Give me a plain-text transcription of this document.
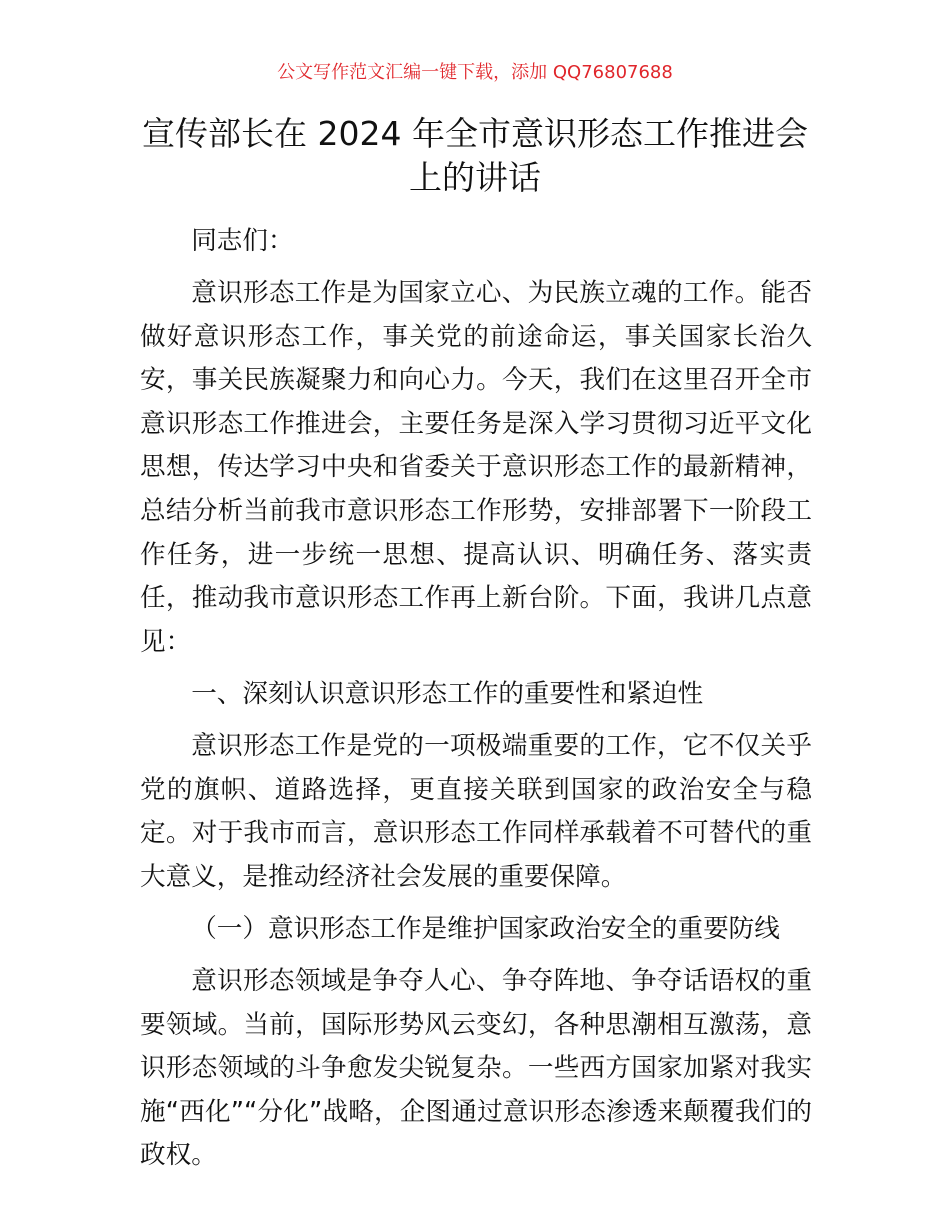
公文写作范文汇编一键下载，添加 QQ76807688
宣传部长在 2024 年全市意识形态工作推进会上的讲话

同志们：

意识形态工作是为国家立心、为民族立魂的工作。能否做好意识形态工作，事关党的前途命运，事关国家长治久安，事关民族凝聚力和向心力。今天，我们在这里召开全市意识形态工作推进会，主要任务是深入学习贯彻习近平文化思想，传达学习中央和省委关于意识形态工作的最新精神，总结分析当前我市意识形态工作形势，安排部署下一阶段工作任务，进一步统一思想、提高认识、明确任务、落实责任，推动我市意识形态工作再上新台阶。下面，我讲几点意见：

一、深刻认识意识形态工作的重要性和紧迫性

意识形态工作是党的一项极端重要的工作，它不仅关乎党的旗帜、道路选择，更直接关联到国家的政治安全与稳定。对于我市而言，意识形态工作同样承载着不可替代的重大意义，是推动经济社会发展的重要保障。

（一）意识形态工作是维护国家政治安全的重要防线

意识形态领域是争夺人心、争夺阵地、争夺话语权的重要领域。当前，国际形势风云变幻，各种思潮相互激荡，意识形态领域的斗争愈发尖锐复杂。一些西方国家加紧对我实施“西化”“分化”战略，企图通过意识形态渗透来颠覆我们的政权。
